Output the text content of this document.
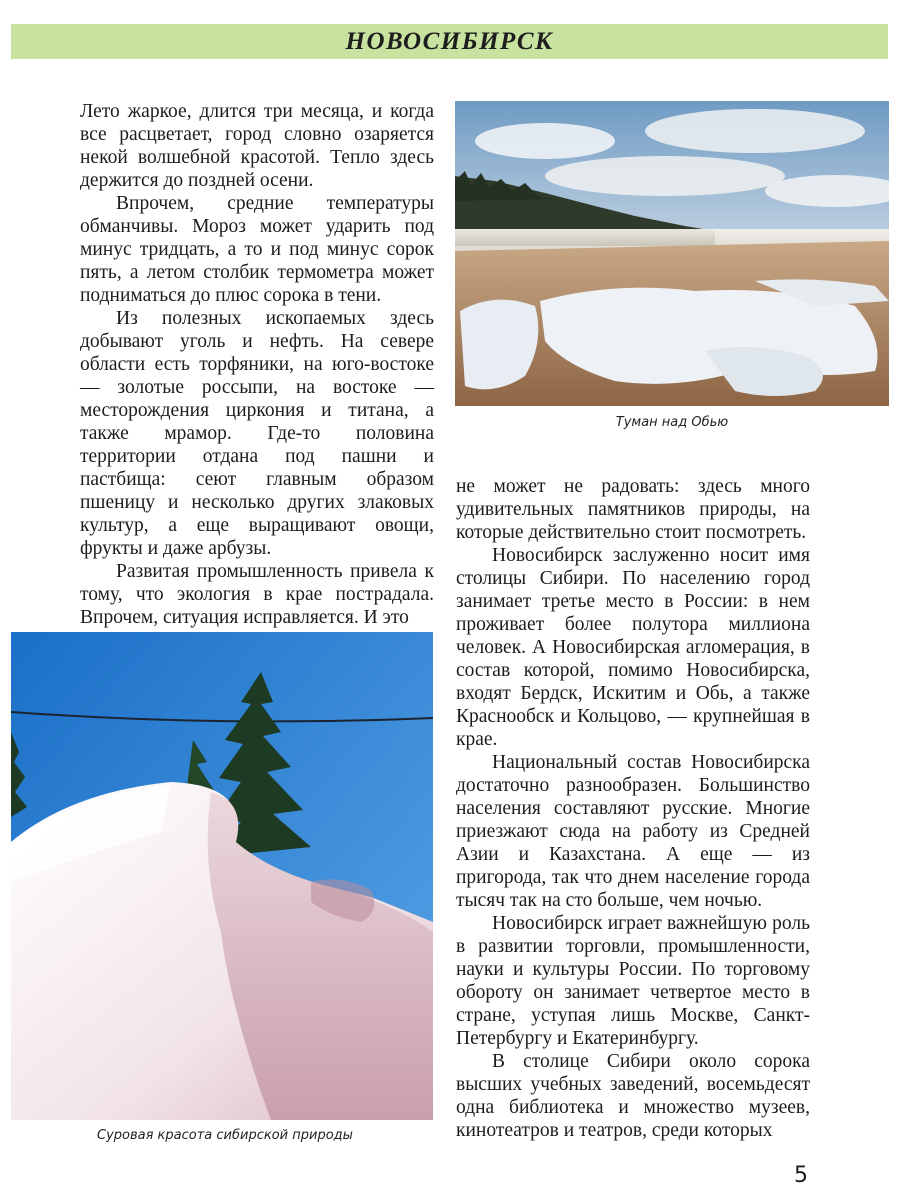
НОВОСИБИРСК

Лето жаркое, длится три месяца, и когда все расцветает, город словно озаряется некой волшебной красотой. Тепло здесь держится до поздней осени.

Впрочем, средние температуры обманчивы. Мороз может ударить под минус тридцать, а то и под минус сорок пять, а летом столбик термометра может подниматься до плюс сорока в тени.

Из полезных ископаемых здесь добывают уголь и нефть. На севере области есть торфяники, на юго-востоке — золотые россыпи, на востоке — месторождения циркония и титана, а также мрамор. Где-то половина территории отдана под пашни и пастбища: сеют главным образом пшеницу и несколько других злаковых культур, а еще выращивают овощи, фрукты и даже арбузы.

Развитая промышленность привела к тому, что экология в крае пострадала. Впрочем, ситуация исправляется. И это

Туман над Обью

не может не радовать: здесь много удивительных памятников природы, на которые действительно стоит посмотреть.

Новосибирск заслуженно носит имя столицы Сибири. По населению город занимает третье место в России: в нем проживает более полутора миллиона человек. А Новосибирская агломерация, в состав которой, помимо Новосибирска, входят Бердск, Искитим и Обь, а также Краснообск и Кольцово, — крупнейшая в крае.

Национальный состав Новосибирска достаточно разнообразен. Большинство населения составляют русские. Многие приезжают сюда на работу из Средней Азии и Казахстана. А еще — из пригорода, так что днем население города тысяч так на сто больше, чем ночью.

Новосибирск играет важнейшую роль в развитии торговли, промышленности, науки и культуры России. По торговому обороту он занимает четвертое место в стране, уступая лишь Москве, Санкт-Петербургу и Екатеринбургу.

В столице Сибири около сорока высших учебных заведений, восемьдесят одна библиотека и множество музеев, кинотеатров и театров, среди которых

Суровая красота сибирской природы
5
